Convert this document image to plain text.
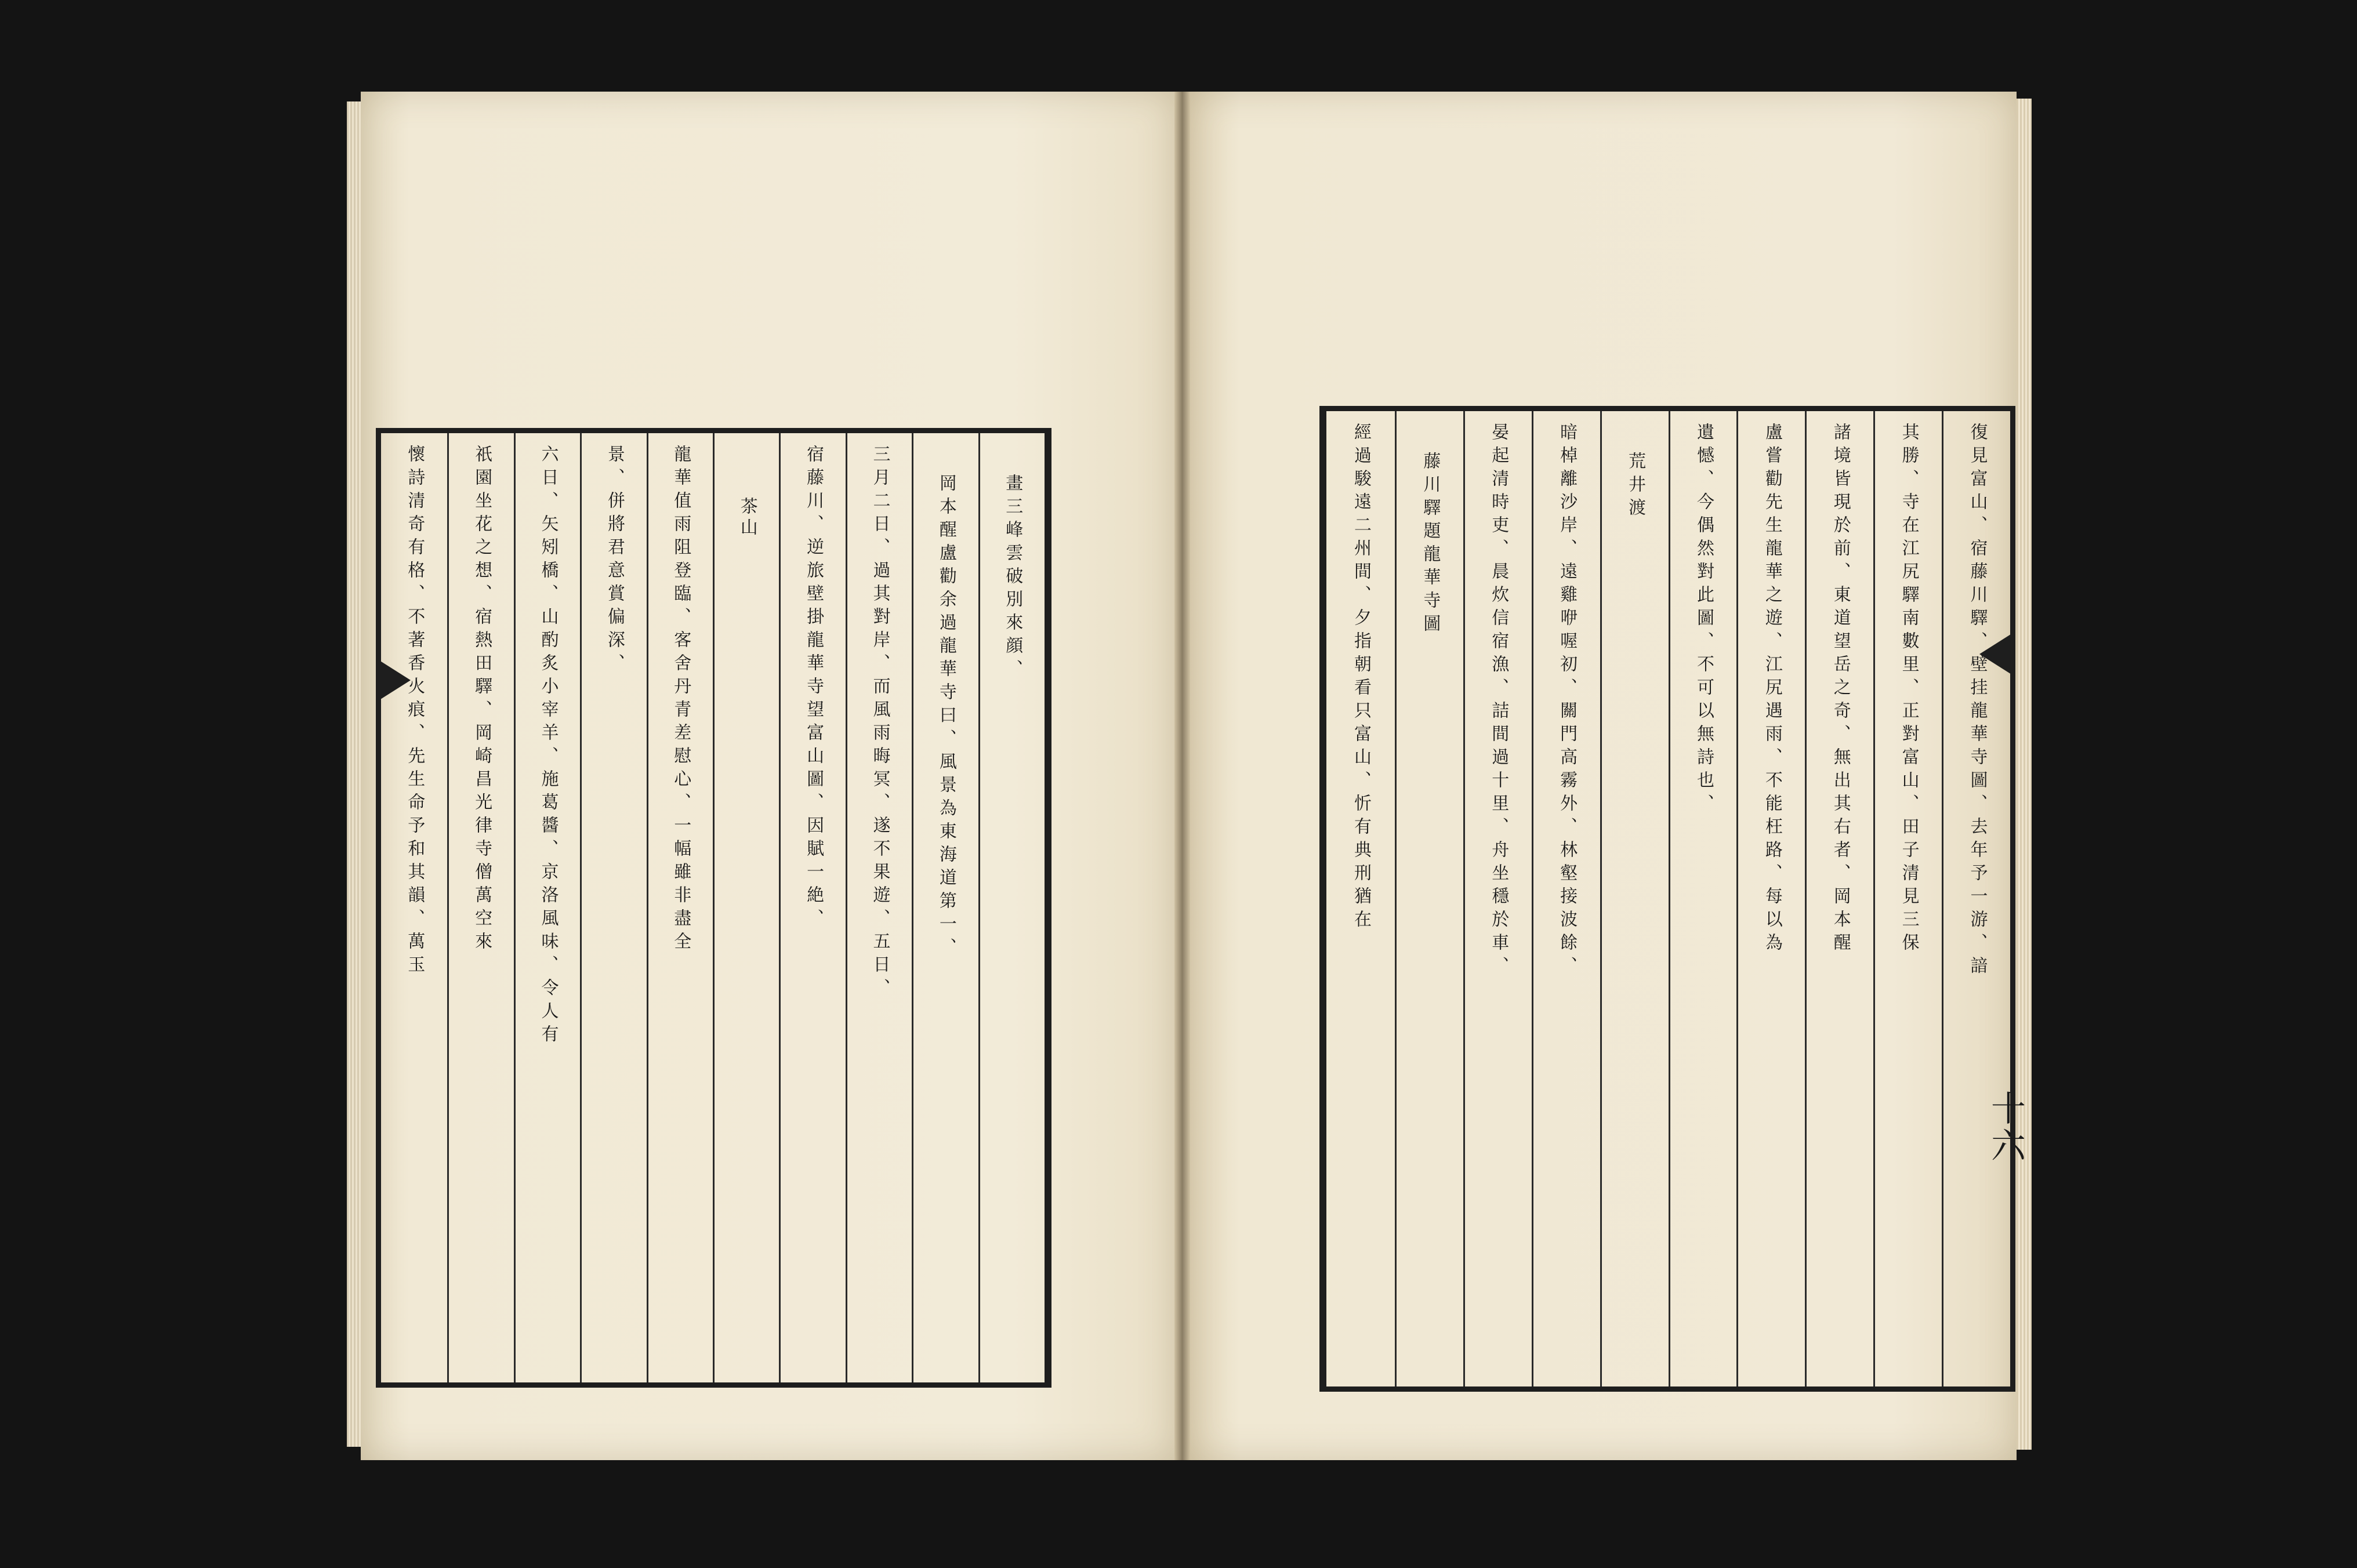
復見富山、宿藤川驛、壁挂龍華寺圖、去年予一游、諳
其勝、寺在江尻驛南數里、正對富山、田子清見三保
諸境皆現於前、東道望岳之奇、無出其右者、岡本醒
盧嘗勸先生龍華之遊、江尻遇雨、不能枉路、每以為
遺憾、今偶然對此圖、不可以無詩也、
荒井渡
暗棹離沙岸、遠雞咿喔初、關門高霧外、林壑接波餘、
晏起清時吏、晨炊信宿漁、詰間過十里、舟坐穩於車、
藤川驛題龍華寺圖
經過駿遠二州間、夕指朝看只富山、忻有典刑猶在
十六
畫三峰雲破別來顔、
岡本醒盧勸余過龍華寺曰、風景為東海道第一、
三月二日、過其對岸、而風雨晦冥、遂不果遊、五日、
宿藤川、逆旅壁掛龍華寺望富山圖、因賦一絶、
茶山
龍華值雨阻登臨、客舍丹青差慰心、一幅雖非盡全
景、併將君意賞偏深、
六日、矢矧橋、山酌炙小宰羊、施葛醬、京洛風味、令人有
祇園坐花之想、宿熱田驛、岡崎昌光律寺僧萬空來
懷詩清奇有格、不著香火痕、先生命予和其韻、萬玉
